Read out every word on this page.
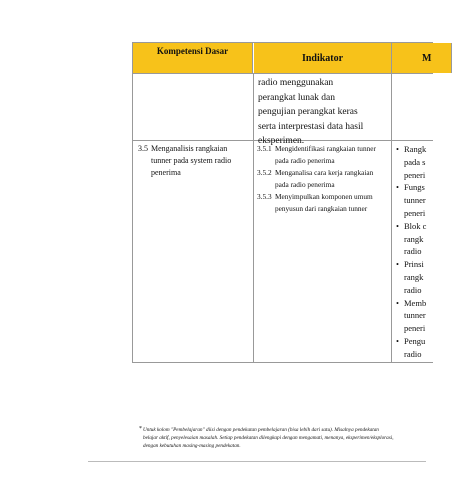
Kompetensi Dasar
Indikator	M
radio menggunakan
perangkat lunak dan
pengujian perangkat keras
serta interprestasi data hasil
eksperimen.
3.5 Menganalisis rangkaian
tunner pada system radio
penerima
3.5.1 Mengidentifikasi rangkaian tunner
pada radio penerima
3.5.2 Menganalisa cara kerja rangkaian
pada radio penerima
3.5.3 Menyimpulkan komponen umum
penyusun dari rangkaian tunner
• Rangk
pada s
peneri
• Fungs
tunner
peneri
• Blok c
rangk
radio
• Prinsi
rangk
radio
• Memb
tunner
peneri
• Pengu
radio
* Untuk kolom "Pembelajaran" diisi dengan pendekatan pembelajaran (bisa lebih dari satu). Misalnya pendekatan
belajar aktif, penyelesaian masalah. Setiap pendekatan dilengkapi dengan mengamati, menanya, eksperimen/eksplorasi,
dengan kebutuhan masing-masing pendekatan.
